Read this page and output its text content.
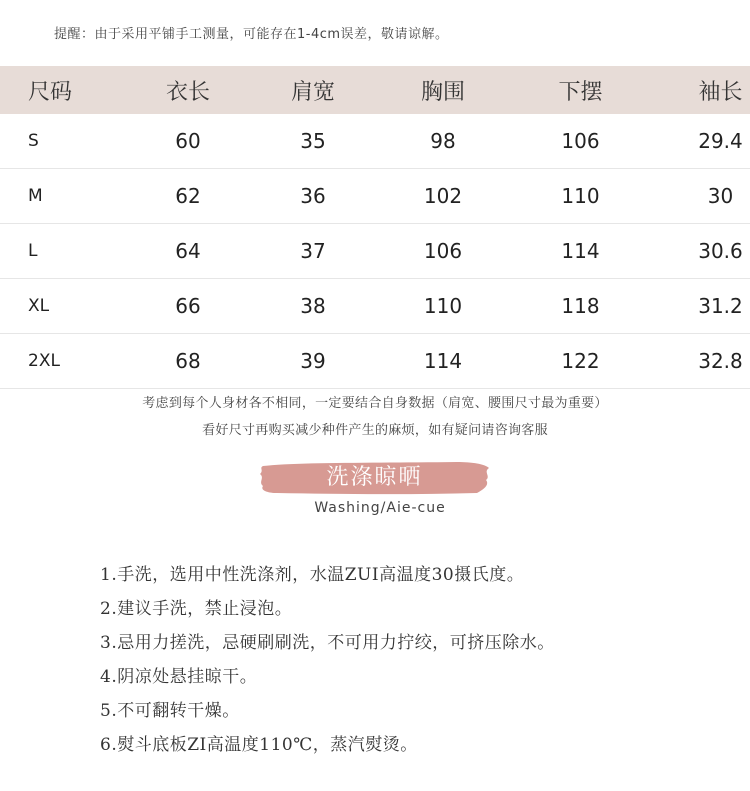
提醒：由于采用平铺手工测量，可能存在1-4cm误差，敬请谅解。
尺码	衣长	肩宽	胸围	下摆	袖长
S	60	35	98	106	29.4
M	62	36	102	110	30
L	64	37	106	114	30.6
XL	66	38	110	118	31.2
2XL	68	39	114	122	32.8
考虑到每个人身材各不相同，一定要结合自身数据（肩宽、腰围尺寸最为重要）
看好尺寸再购买减少种件产生的麻烦，如有疑问请咨询客服
洗涤晾晒
Washing/Aie-cue
1.手洗，选用中性洗涤剂，水温ZUI高温度30摄氏度。
2.建议手洗，禁止浸泡。
3.忌用力搓洗，忌硬刷刷洗，不可用力拧绞，可挤压除水。
4.阴凉处悬挂晾干。
5.不可翻转干燥。
6.熨斗底板ZI高温度110℃，蒸汽熨烫。
